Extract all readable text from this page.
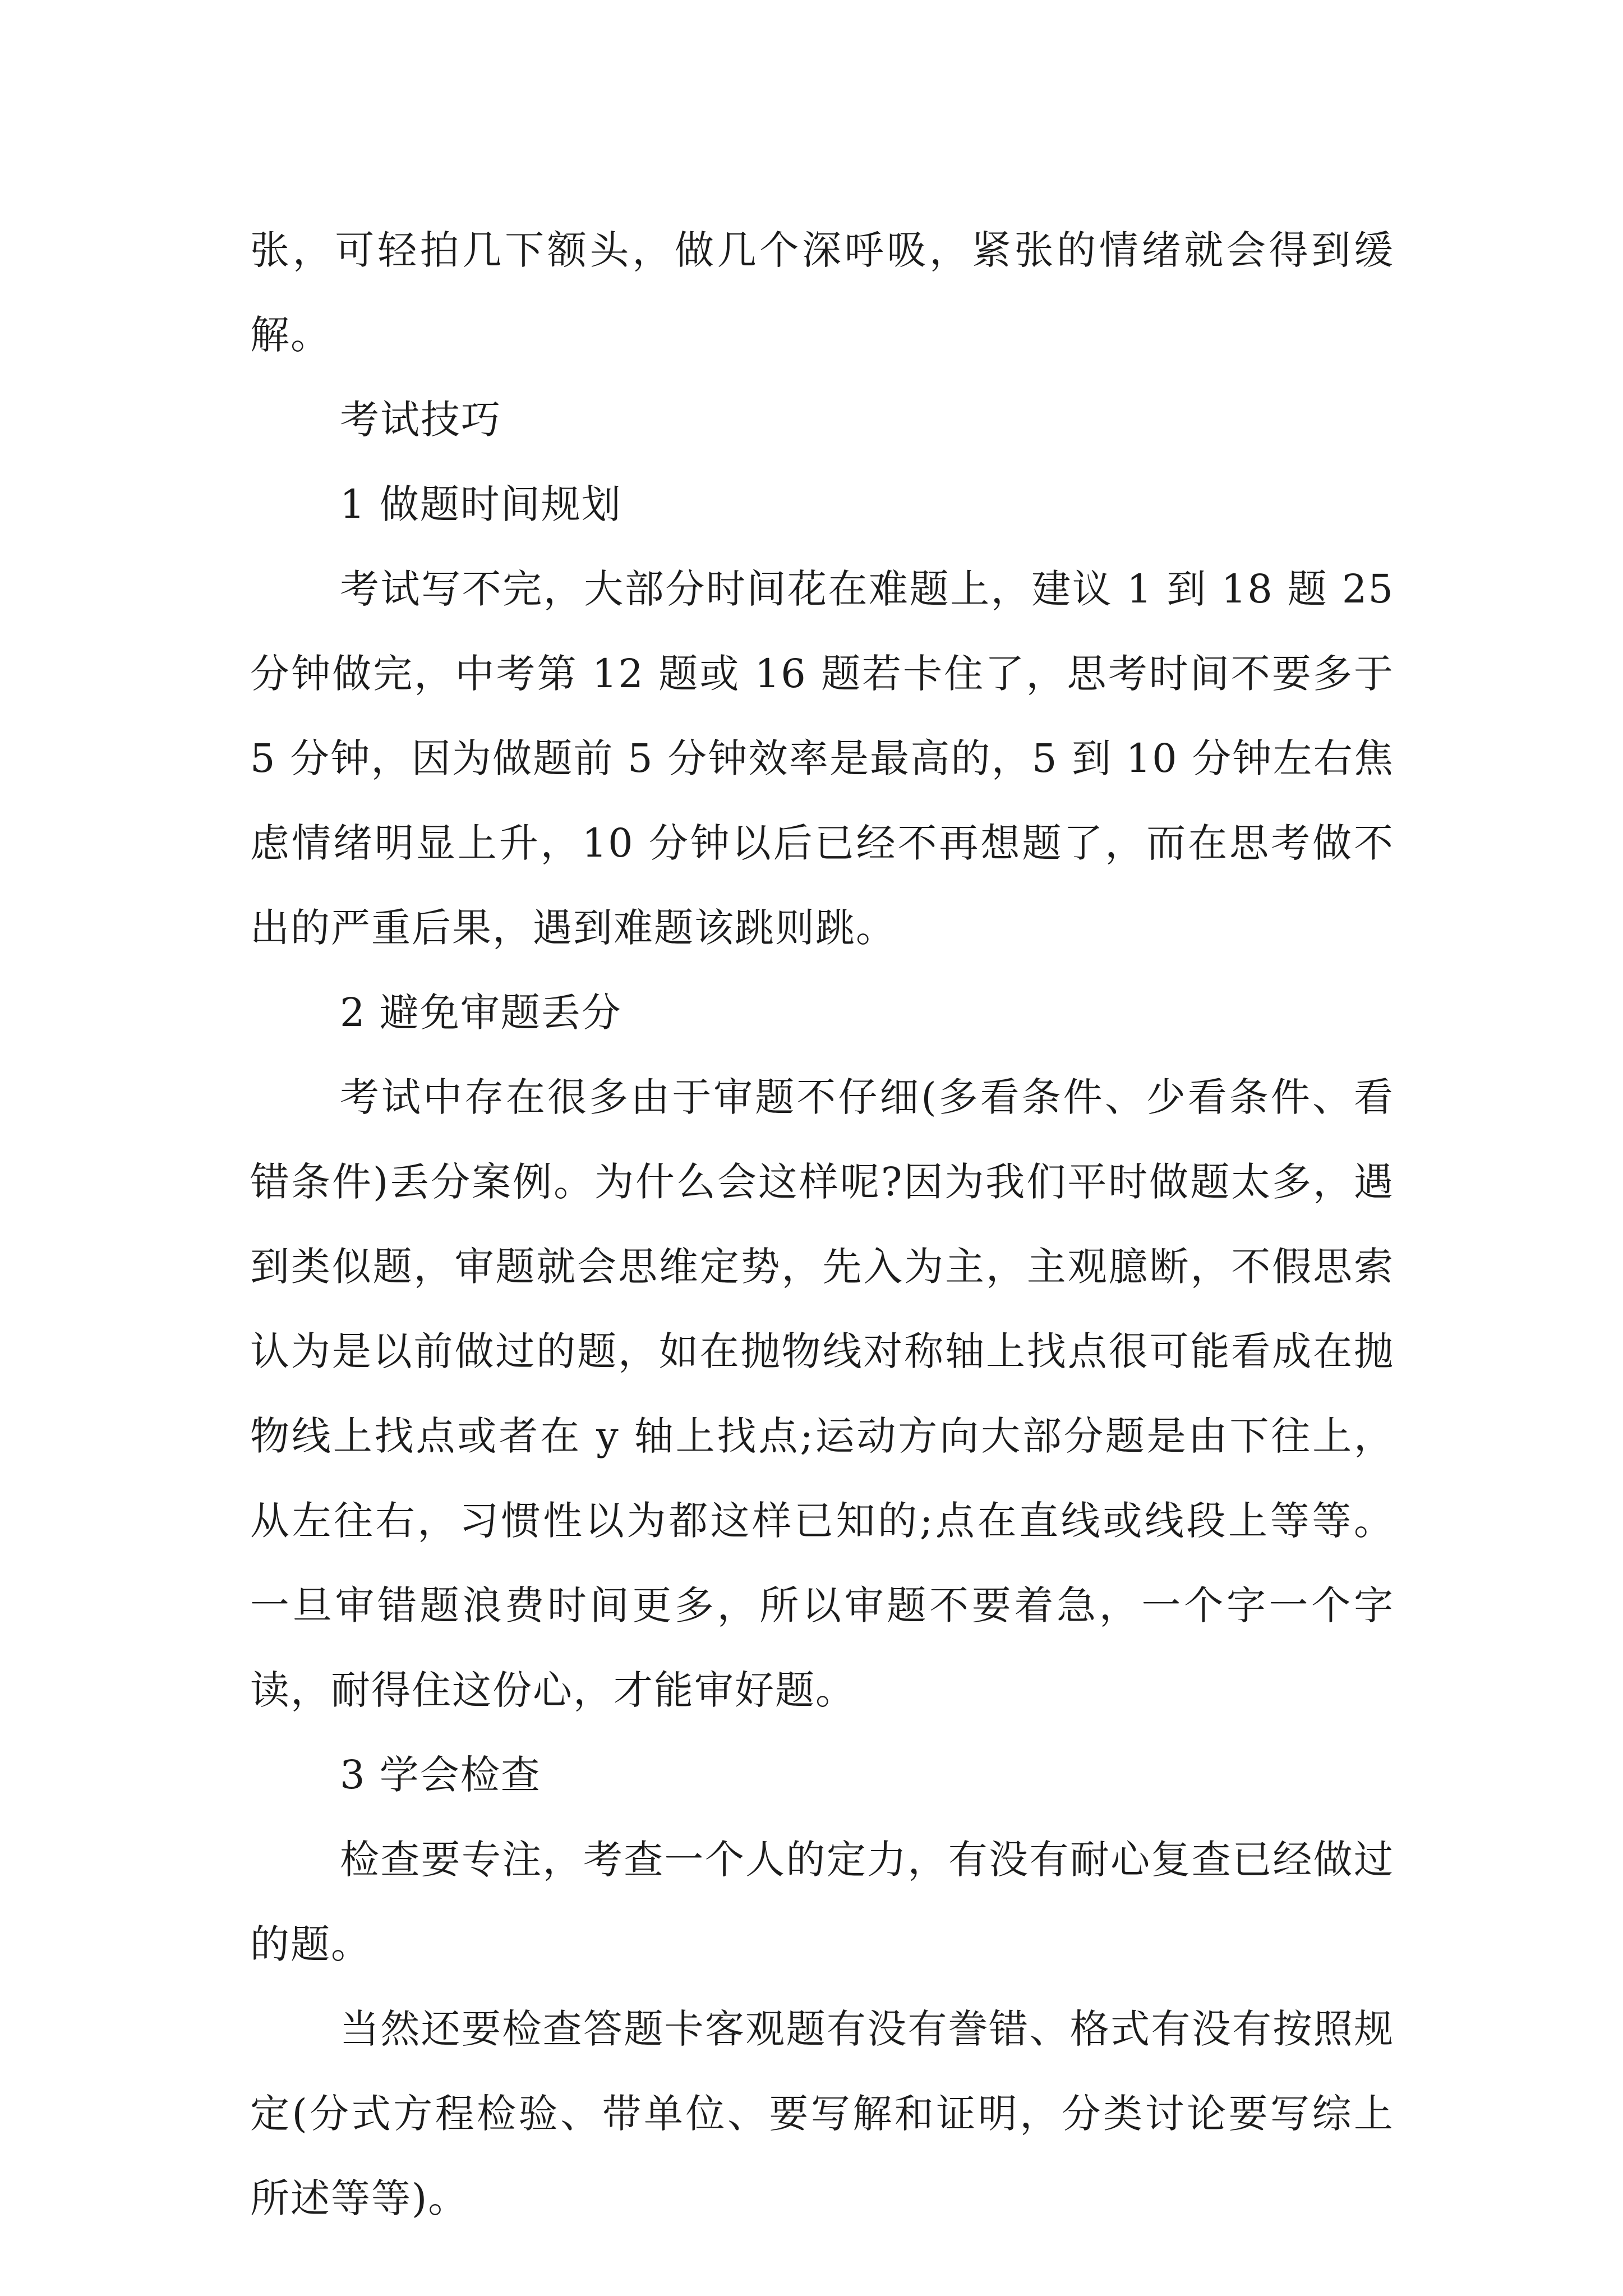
张，可轻拍几下额头，做几个深呼吸，紧张的情绪就会得到缓解。

考试技巧

1 做题时间规划

考试写不完，大部分时间花在难题上，建议 1 到 18 题 25 分钟做完，中考第 12 题或 16 题若卡住了，思考时间不要多于 5 分钟，因为做题前 5 分钟效率是最高的，5 到 10 分钟左右焦虑情绪明显上升，10 分钟以后已经不再想题了，而在思考做不出的严重后果，遇到难题该跳则跳。

2 避免审题丢分

考试中存在很多由于审题不仔细(多看条件、少看条件、看错条件)丢分案例。为什么会这样呢?因为我们平时做题太多，遇到类似题，审题就会思维定势，先入为主，主观臆断，不假思索认为是以前做过的题，如在抛物线对称轴上找点很可能看成在抛物线上找点或者在 y 轴上找点;运动方向大部分题是由下往上，从左往右，习惯性以为都这样已知的;点在直线或线段上等等。一旦审错题浪费时间更多，所以审题不要着急，一个字一个字读，耐得住这份心，才能审好题。

3 学会检查

检查要专注，考查一个人的定力，有没有耐心复查已经做过的题。

当然还要检查答题卡客观题有没有誊错、格式有没有按照规定(分式方程检验、带单位、要写解和证明，分类讨论要写综上所述等等)。
